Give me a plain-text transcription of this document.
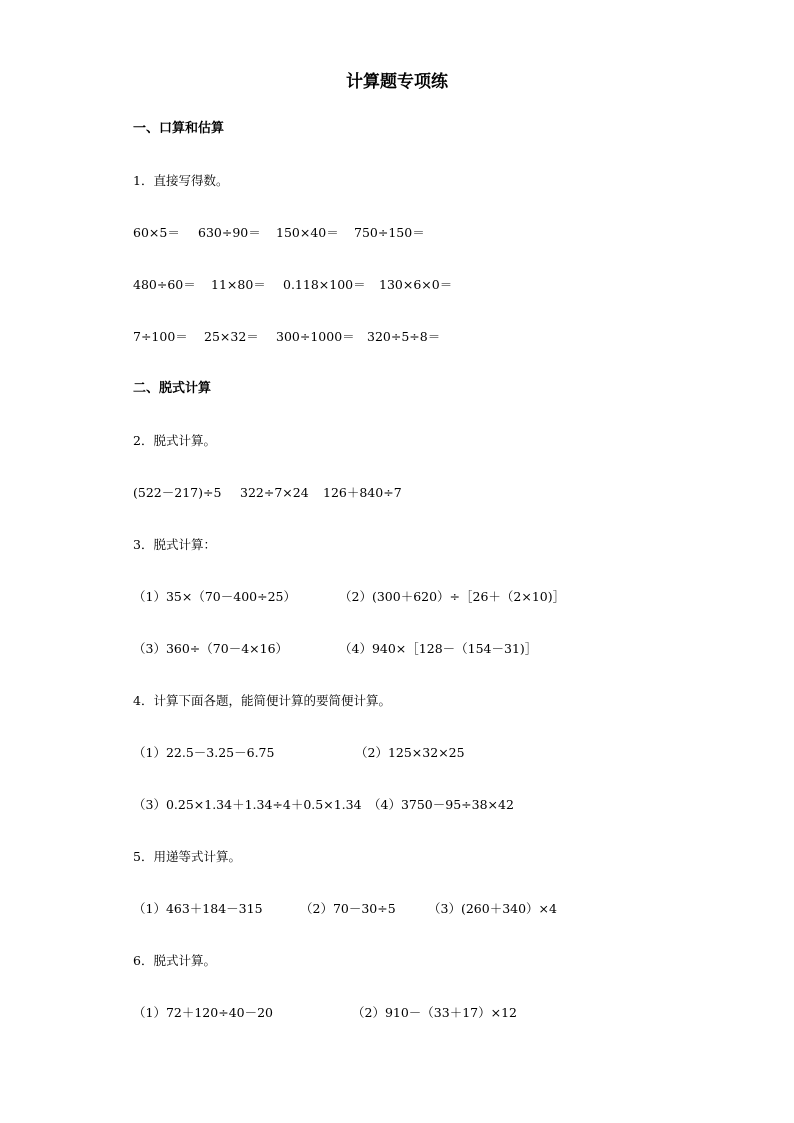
计算题专项练
一、口算和估算
1．直接写得数。

60×5＝

630÷90＝

150×40＝

750÷150＝

480÷60＝

11×80＝

0.118×100＝

130×6×0＝

7÷100＝

25×32＝

300÷1000＝

320÷5÷8＝

二、脱式计算
2．脱式计算。

(522－217)÷5

322÷7×24

126＋840÷7

3．脱式计算：

（1）35×（70－400÷25）

	（2）(300＋620）÷［26＋（2×10)］

（3）360÷（70－4×16）

	（4）940×［128－（154－31)］

4．计算下面各题，能简便计算的要简便计算。

（1）22.5－3.25－6.75

	（2）125×32×25

（3）0.25×1.34＋1.34÷4＋0.5×1.34

（4）3750－95÷38×42

5．用递等式计算。

（1）463＋184－315

	（2）70－30÷5

	（3）(260＋340）×4

6．脱式计算。

（1）72＋120÷40－20

	（2）910－（33＋17）×12
